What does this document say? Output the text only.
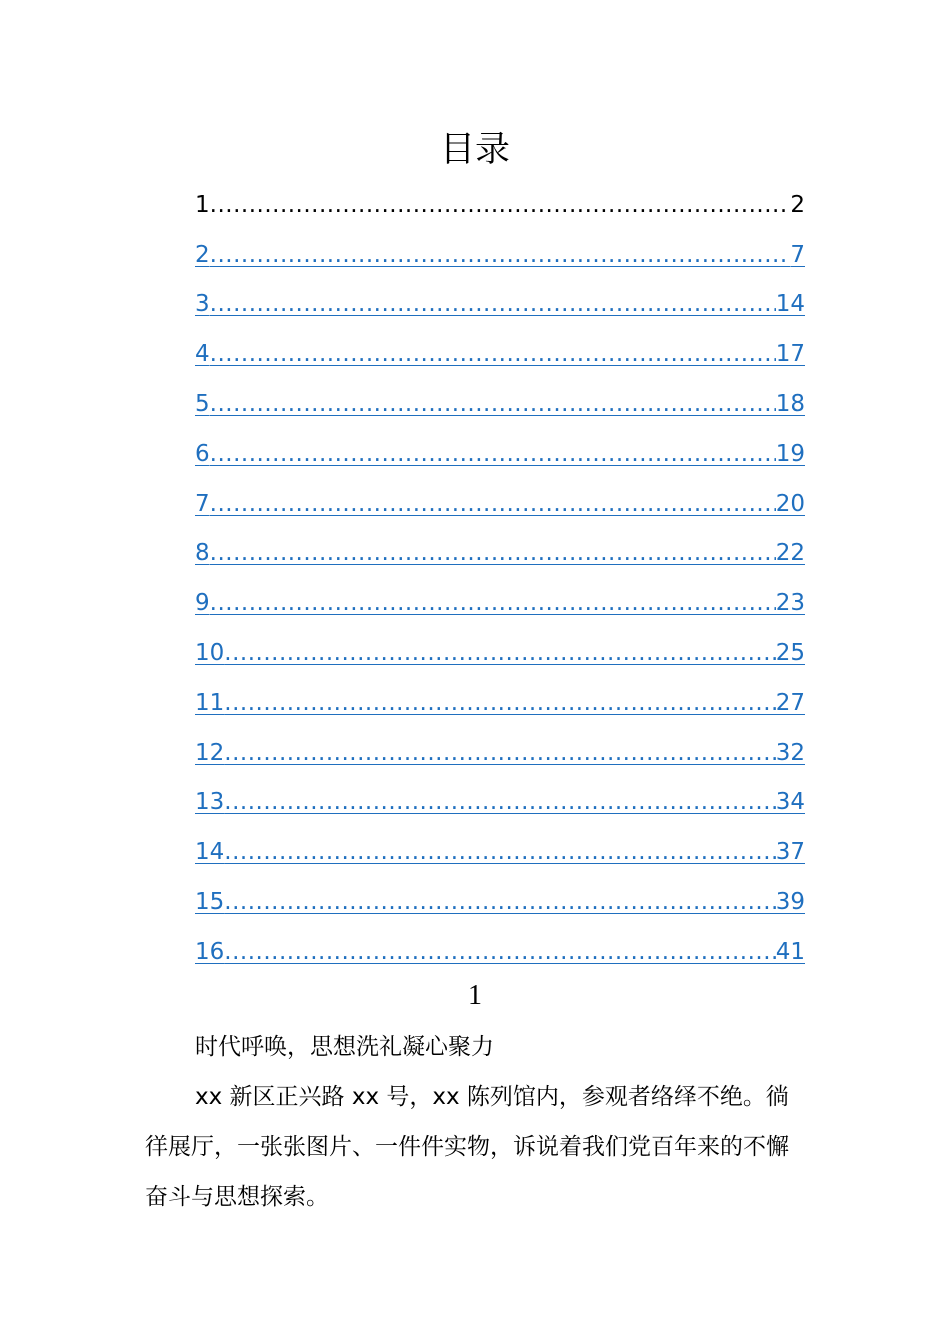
目录
1 .....	2
2 .....	7
3 .....	14
4 .....	17
5 .....	18
6 .....	19
7 .....	20
8 .....	22
9 .....	23
10 .....	25
11 .....	27
12 .....	32
13 .....	34
14 .....	37
15 .....	39
16 .....	41
1

时代呼唤，思想洗礼凝心聚力

xx 新区正兴路 xx 号，xx 陈列馆内，参观者络绎不绝。徜徉展厅，一张张图片、一件件实物，诉说着我们党百年来的不懈奋斗与思想探索。
